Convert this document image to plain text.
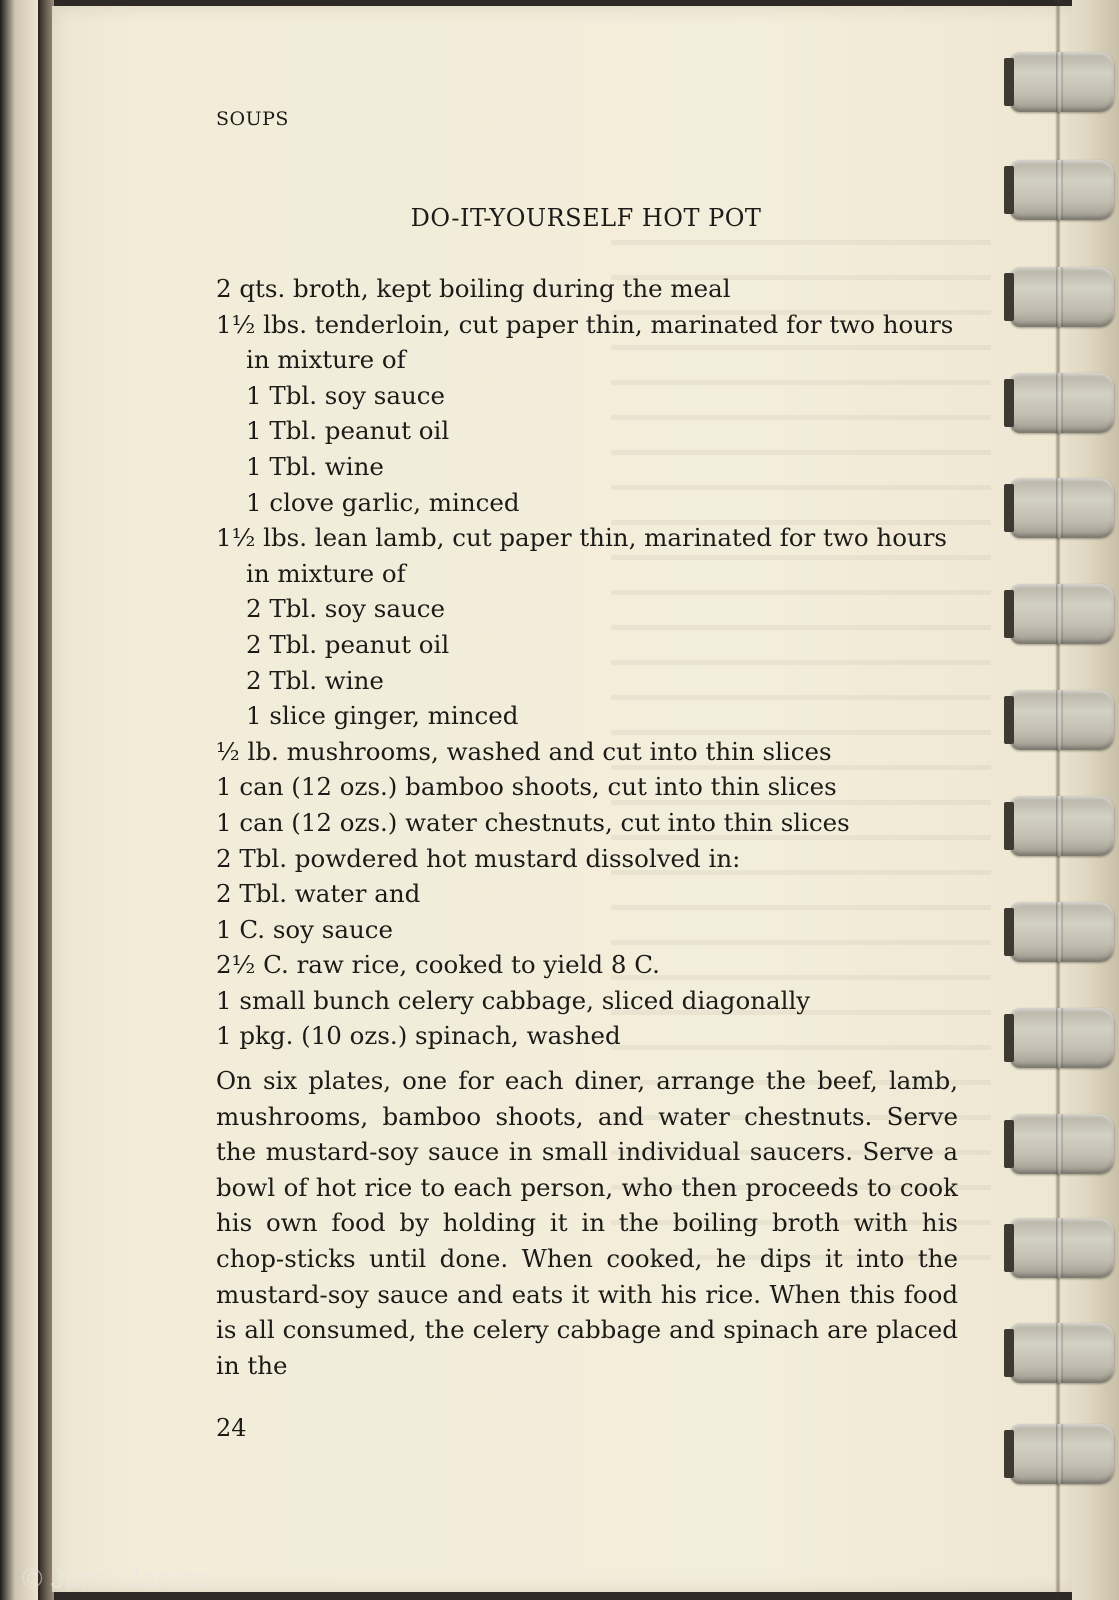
SOUPS
DO-IT-YOURSELF HOT POT
2 qts. broth, kept boiling during the meal
1½ lbs. tenderloin, cut paper thin, marinated for two hours in mixture of
1 Tbl. soy sauce
1 Tbl. peanut oil
1 Tbl. wine
1 clove garlic, minced
1½ lbs. lean lamb, cut paper thin, marinated for two hours in mixture of
2 Tbl. soy sauce
2 Tbl. peanut oil
2 Tbl. wine
1 slice ginger, minced
½ lb. mushrooms, washed and cut into thin slices
1 can (12 ozs.) bamboo shoots, cut into thin slices
1 can (12 ozs.) water chestnuts, cut into thin slices
2 Tbl. powdered hot mustard dissolved in:
2 Tbl. water and
1 C. soy sauce
2½ C. raw rice, cooked to yield 8 C.
1 small bunch celery cabbage, sliced diagonally
1 pkg. (10 ozs.) spinach, washed

On six plates, one for each diner, arrange the beef, lamb, mushrooms, bamboo shoots, and water chestnuts. Serve the mustard-soy sauce in small individual saucers. Serve a bowl of hot rice to each person, who then proceeds to cook his own food by holding it in the boiling broth with his chop-sticks until done. When cooked, he dips it into the mustard-soy sauce and eats it with his rice. When this food is all consumed, the celery cabbage and spinach are placed in the

24
© Janet Jarvits
